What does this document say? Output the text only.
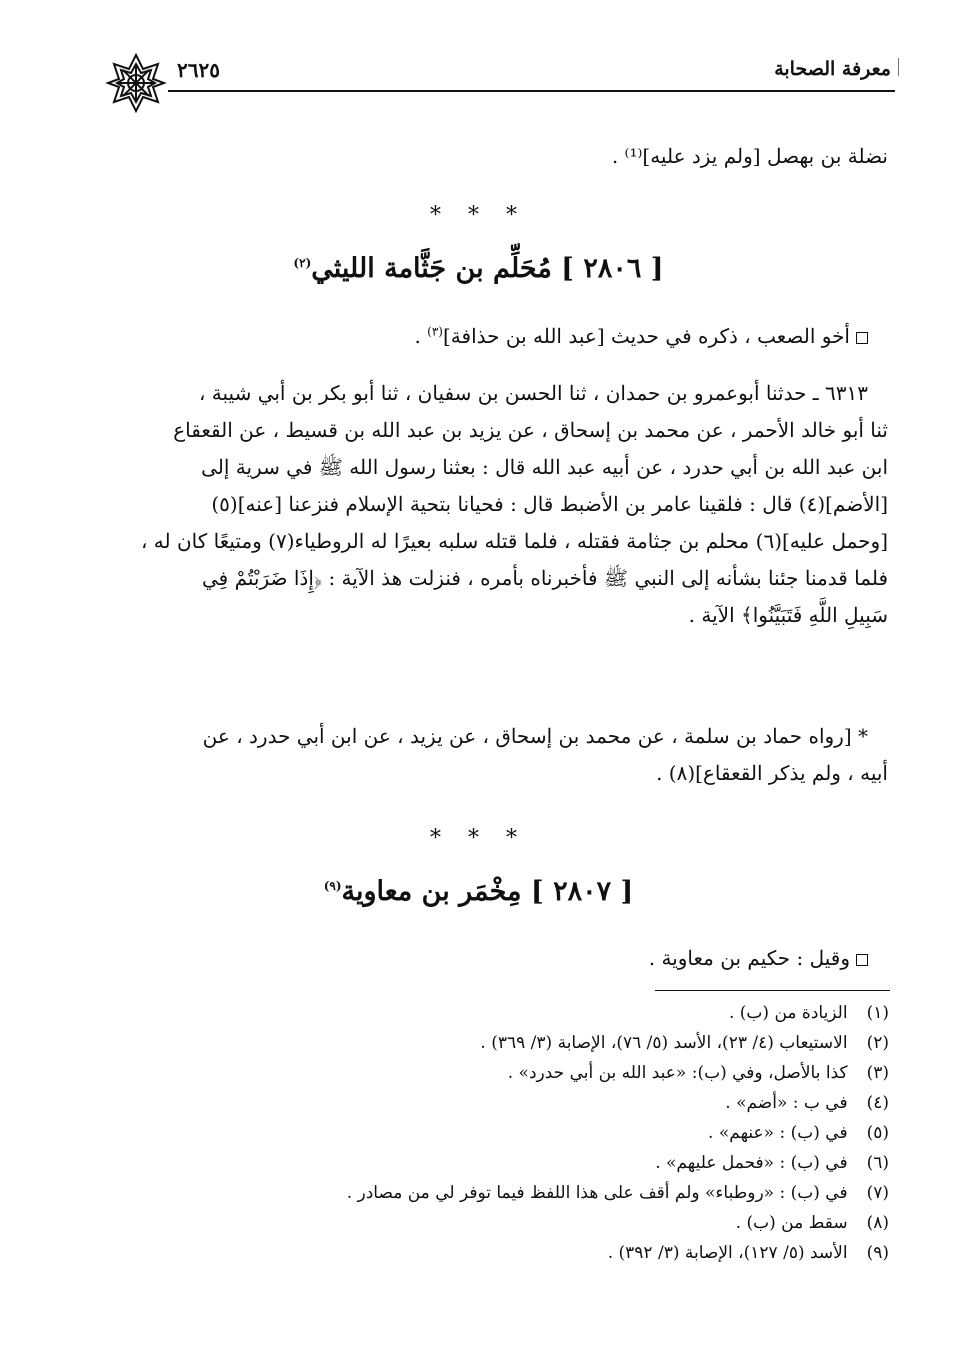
٢٦٢٥	معرفة الصحابة
نضلة بن بهصل [ولم يزد عليه]⁽¹⁾ .
* * *
[ ٢٨٠٦ ] مُحَلِّم بن جَثَّامة الليثي$^{(٢)}$
أخو الصعب ، ذكره في حديث [عبد الله بن حذافة]$^{(٣)}$ .
٦٣١٣ ـ حدثنا أبوعمرو بن حمدان ، ثنا الحسن بن سفيان ، ثنا أبو بكر بن أبي شيبة ،
ثنا أبو خالد الأحمر ، عن محمد بن إسحاق ، عن يزيد بن عبد الله بن قسيط ، عن القعقاع
ابن عبد الله بن أبي حدرد ، عن أبيه عبد الله قال : بعثنا رسول الله ﷺ في سرية إلى
[الأضم](٤) قال : فلقينا عامر بن الأضبط قال : فحيانا بتحية الإسلام فنزعنا [عنه](٥)
[وحمل عليه](٦) محلم بن جثامة فقتله ، فلما قتله سلبه بعيرًا له الروطياء(٧) ومتيعًا كان له ،
فلما قدمنا جئنا بشأنه إلى النبي ﷺ فأخبرناه بأمره ، فنزلت هذ الآية : ﴿إِذَا ضَرَبْتُمْ فِي
سَبِيلِ اللَّهِ فَتَبَيَّنُوا﴾ الآية .
* [رواه حماد بن سلمة ، عن محمد بن إسحاق ، عن يزيد ، عن ابن أبي حدرد ، عن
أبيه ، ولم يذكر القعقاع](٨) .
* * *
[ ٢٨٠٧ ] مِخْمَر بن معاوية$^{(٩)}$
وقيل : حكيم بن معاوية .
(١) الزيادة من (ب) .
(٢) الاستيعاب (٤/ ٢٣)، الأسد (٥/ ٧٦)، الإصابة (٣/ ٣٦٩) .
(٣) كذا بالأصل، وفي (ب): «عبد الله بن أبي حدرد» .
(٤) في ب : «أضم» .
(٥) في (ب) : «عنهم» .
(٦) في (ب) : «فحمل عليهم» .
(٧) في (ب) : «روطباء» ولم أقف على هذا اللفظ فيما توفر لي من مصادر .
(٨) سقط من (ب) .
(٩) الأسد (٥/ ١٢٧)، الإصابة (٣/ ٣٩٢) .
